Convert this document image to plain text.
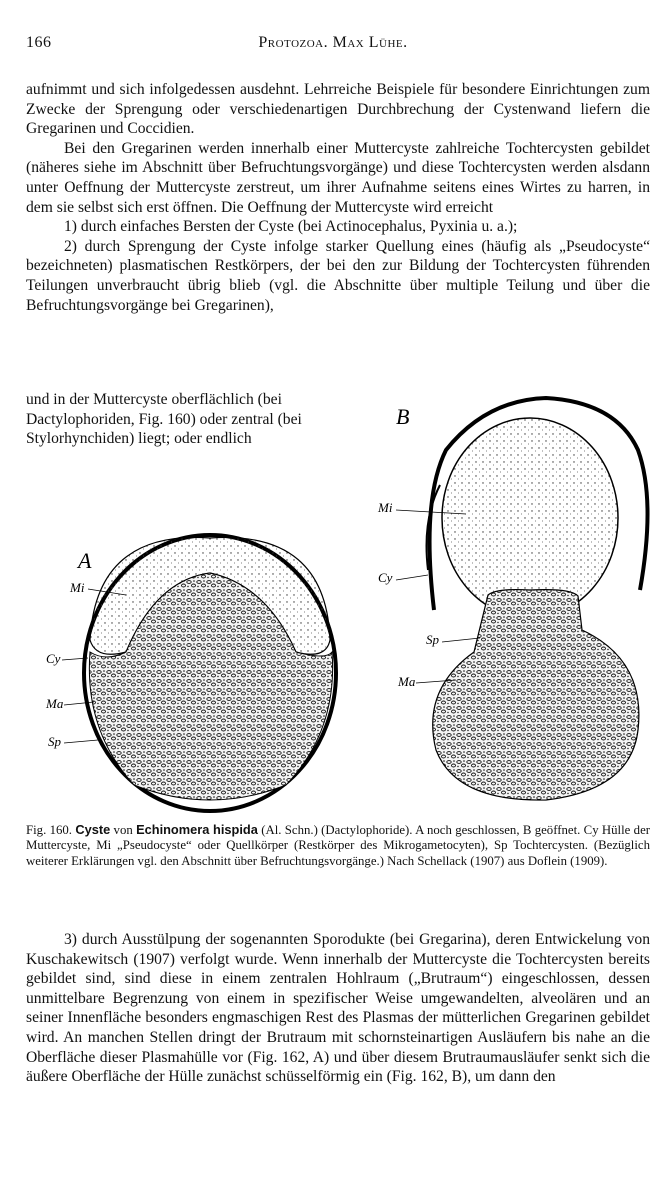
166	Protozoa. Max Lühe.

aufnimmt und sich infolgedessen ausdehnt. Lehrreiche Beispiele für besondere Einrichtungen zum Zwecke der Sprengung oder verschiedenartigen Durchbrechung der Cystenwand liefern die Gregarinen und Coccidien.

Bei den Gregarinen werden innerhalb einer Muttercyste zahlreiche Tochtercysten gebildet (näheres siehe im Abschnitt über Befruchtungsvorgänge) und diese Tochtercysten werden alsdann unter Oeffnung der Muttercyste zerstreut, um ihrer Aufnahme seitens eines Wirtes zu harren, in dem sie selbst sich erst öffnen. Die Oeffnung der Muttercyste wird erreicht

1) durch einfaches Bersten der Cyste (bei Actinocephalus, Pyxinia u. a.);

2) durch Sprengung der Cyste infolge starker Quellung eines (häufig als „Pseudocyste“ bezeichneten) plasmatischen Restkörpers, der bei den zur Bildung der Tochtercysten führenden Teilungen unverbraucht übrig blieb (vgl. die Abschnitte über multiple Teilung und über die Befruchtungsvorgänge bei Gregarinen),

und in der Muttercyste oberflächlich (bei Dactylophoriden, Fig. 160) oder zentral (bei Stylorhynchiden) liegt; oder endlich
A
Mi
Cy
Ma
Sp
B
Mi
Cy
Sp
Ma
Fig. 160. Cyste von Echinomera hispida (Al. Schn.) (Dactylophoride). A noch geschlossen, B geöffnet. Cy Hülle der Muttercyste, Mi „Pseudocyste“ oder Quellkörper (Restkörper des Mikrogametocyten), Sp Tochtercysten. (Bezüglich weiterer Erklärungen vgl. den Abschnitt über Befruchtungsvorgänge.) Nach Schellack (1907) aus Doflein (1909).

3) durch Ausstülpung der sogenannten Sporodukte (bei Gregarina), deren Entwickelung von Kuschakewitsch (1907) verfolgt wurde. Wenn innerhalb der Muttercyste die Tochtercysten bereits gebildet sind, sind diese in einem zentralen Hohlraum („Brutraum“) eingeschlossen, dessen unmittelbare Begrenzung von einem in spezifischer Weise umgewandelten, alveolären und an seiner Innenfläche besonders engmaschigen Rest des Plasmas der mütterlichen Gregarinen gebildet wird. An manchen Stellen dringt der Brutraum mit schornsteinartigen Ausläufern bis nahe an die Oberfläche dieser Plasmahülle vor (Fig. 162, A) und über diesem Brutraumausläufer senkt sich die äußere Oberfläche der Hülle zunächst schüsselförmig ein (Fig. 162, B), um dann den
